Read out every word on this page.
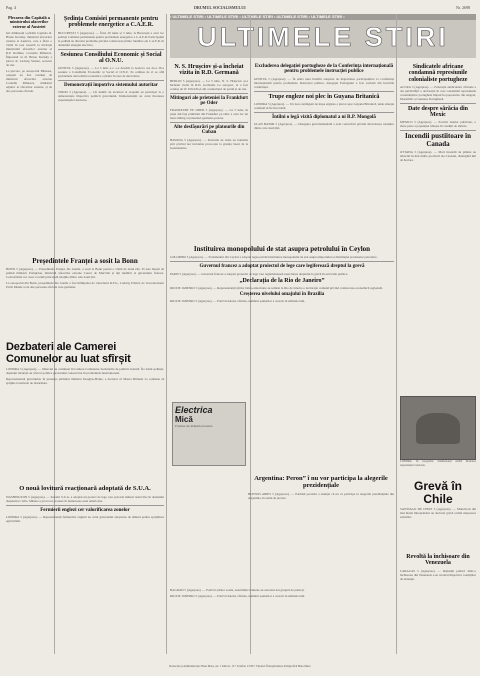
Pag. 4	DRUMUL SOCIALISMULUI	Nr. 2698
• ULTIMELE STIRI • ULTIMELE STIRI • ULTIMELE STIRI • ULTIMELE STIRI • ULTIMELE STIRI •
ULTIMELE STIRI
Plecarea din Capitală a ministrului afacerilor externe al Austriei

Ieri dimineață a părăsit Capitala dl. Bruno Kreisky, ministrul afacerilor externe al Austriei, care a făcut o vizită în țara noastră la invitația ministrului afacerilor externe al R.P. Romîne, Corneliu Mănescu. Împreună cu dl. Bruno Kreisky a plecat dr. Ludwig Steiner, secretar de stat.

La plecare, pe aeroportul Băneasa, oaspeții au fost conduși de ministrul afacerilor externe Corneliu Mănescu, ministrul adjunct al afacerilor externe, și de alte persoane oficiale.

Ședința Comisiei permanente pentru problemele energetice a C.A.E.R.

BUCUREȘTI 5 (Agerpres). — Între 29 iunie și 3 iulie, la București a avut loc ședința Comisiei permanente pentru problemele energetice a C.A.E.R. Participanții la ședință au discutat probleme privind colaborarea țărilor membre ale C.A.E.R. în domeniul energiei electrice.

Sesiunea Consiliului Economic și Social al O.N.U.

GENEVA 5 (Agerpres). — La 5 iulie a.c. s-a deschis la Geneva cea de-a 39-a sesiune a Consiliului Economic și Social al O.N.U. Pe ordinea de zi se află problemele dezvoltării economice a țărilor în curs de dezvoltare.

Demonstrații împotriva sistemului autoritar

TOKIO 5 (Agerpres). — Un număr de locuitori ai orașului au participat la o demonstrație împotriva politicii guvernului. Demonstranții au cerut încetarea experiențelor nucleare.

Președintele Franței a sosit la Bonn

BONN 5 (Agerpres). — Președintele Franței, De Gaulle, a sosit la Bonn pentru o vizită de două zile. El este însoțit de primul ministru Pompidou, ministrul afacerilor externe Couve de Murville și alți membri ai guvernului francez. Convorbirile vor avea ca temă principală relațiile dintre cele două țări.

La aeroportul din Bonn, președintele De Gaulle a fost întîmpinat de cancelarul R.F.G., Ludwig Erhard, de vicecancelarul Erich Mende și de alte persoane oficiale vest-germane.

Dezbateri ale Camerei Comunelor au luat sfîrșit

LONDRA 5 (Agerpres). — Miercuri au continuat în Camera Comunelor dezbaterile de politică externă. În cadrul ședinței, deputații laburiști au criticat politica guvernului conservator în problemele internaționale.

Reprezentantul guvernului, în prezența primului ministru Douglas-Home, a declarat că Marea Britanie va continua să sprijine tratativele de dezarmare.

O nouă lovitură reacționară adoptată de S.U.A.

WASHINGTON 5 (Agerpres). — Senatul S.U.A. a adoptat un proiect de lege care prevede măsuri restrictive în domeniul drepturilor civile. Măsura a provocat proteste în numeroase state americane.

Fermierii englezi cer valorificarea zonelor

LONDRA 5 (Agerpres). — Reprezentanții fermierilor englezi au cerut guvernului adoptarea de măsuri pentru sprijinirea agriculturii.

N. S. Hrușciov și-a încheiat vizita în R.D. Germană

BERLIN 5 (Agerpres). — La 5 iulie, N. S. Hrușciov și-a încheiat vizita în R.D. Germană. La aeroport, el a fost condus de W. Ulbricht și alți conducători de partid și de stat.

Mitinguri ale prieteniei la Frankfurt pe Oder

FRANKFURT PE ODER 5 (Agerpres). — La 5 iulie, în piața din fața primăriei din Frankfurt pe Oder a avut loc un mare miting al prieteniei germano-polone.

Alte desfășurări pe platourile din Cuban

HAVANA 5 (Agerpres). — Posturile de radio au transmis știri privind noi incidente provocate la granița bazei de la Guantanamo.

Instituirea monopolului de stat asupra petrolului în Ceylon

COLOMBO 5 (Agerpres). — Parlamentul din Ceylon a adoptat legea privind instituirea monopolului de stat asupra importului și distribuției produselor petroliere.

Guvernul francez a adoptat proiectul de lege care legiferează dreptul la grevă

PARIS 5 (Agerpres). — Guvernul francez a adoptat proiectul de lege care reglementează exercitarea dreptului la grevă în serviciile publice.

„Declarația de la Rio de Janeiro”

RIO DE JANEIRO 5 (Agerpres). — Reprezentanții țărilor latino-americane au semnat la Rio de Janeiro o declarație comună privind colaborarea economică regională.

Creșterea nivelului omajului în Brazilia

RIO DE JANEIRO 5 (Agerpres). — Potrivit datelor oficiale, numărul șomerilor a crescut în ultimele luni.

Electrica
Mică
Produse ale industriei noastre
Argentina: Peron” î nu vor participa la alegerile prezidențiale

BUENOS AIRES 5 (Agerpres). — Partidul peronist a anunțat că nu va participa la alegerile prezidențiale din Argentina, în semn de protest.

BAGDAD 5 (Agerpres). — Potrivit știrilor sosite, autoritățile irakiene au executat noi grupuri de patrioți.

RIO DE JANEIRO 5 (Agerpres). — Potrivit datelor oficiale, numărul șomerilor a crescut în ultimele luni.

Excluderea delegației portugheze de la Conferința internațională pentru problemele instrucției publice

GENEVA 5 (Agerpres). — În urma unei hotărîri adoptate de majoritatea participanților la Conferința internațională pentru problemele instrucției publice, delegația Portugaliei a fost exclusă din lucrările conferinței.

Trupe engleze noi plec în Guyana Britanică

LONDRA 5 (Agerpres). — Un nou contingent de trupe engleze a plecat spre Guyana Britanică, unde situația continuă să fie încordată.

Întîlni o legă vizită diplomatul a ni R.P. Mongolă

ULAN BATOR 5 (Agerpres). — Delegația guvernamentală a avut convorbiri privind dezvoltarea relațiilor dintre cele două țări.

Sindicatele africane condamnă represiunile colonialiste portugheze

ACCRA 5 (Agerpres). — Federația sindicatelor africane a dat publicității o declarație în care condamnă represiunile colonialiștilor portughezi împotriva popoarelor din Angola, Mozambic și Guineea Portugheză.

Date despre sărăcia din Mexic

MEXICO 5 (Agerpres). — Potrivit datelor publicate, o mare parte a populației trăiește în condiții de sărăcie.

Incendii pustiitoare în Canada

OTTAWA 5 (Agerpres). — Mari incendii de pădure au izbucnit în mai multe provincii ale Canadei, distrugînd mii de hectare.

LONDRA. În fotografie: manifestanți cerînd încetarea experiențelor nucleare.

Grevă în Chile

SANTIAGO DE CHILE 5 (Agerpres). — Muncitorii din mai multe întreprinderi au declarat grevă cerînd majorarea salariilor.

Revoltă la închisoare din Venezuela

CARACAS 5 (Agerpres). — Deținuții politici dintr-o închisoare din Venezuela s-au revoltat împotriva condițiilor de detenție.

Redacția și Administrația: Baia Mare, str. 1 Mai nr. 13 • Telefon 13 89 • Tiparul: Întreprinderea Poligrafică Baia Mare
